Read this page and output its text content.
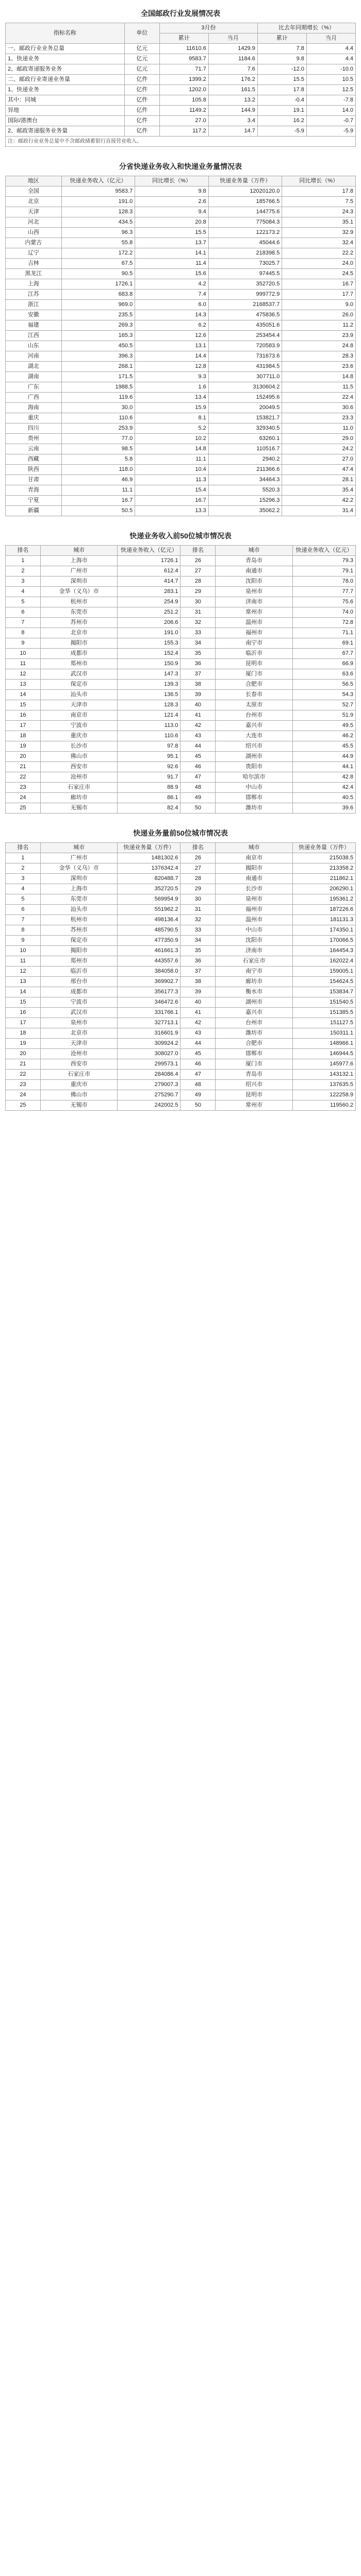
全国邮政行业发展情况表
指标名称	单位	3月份		比去年同期增长（%）	
		累计	当月	累计	当月
一、邮政行业业务总量	亿元	11610.6	1429.9	7.8	4.4
1、快递业务	亿元	9583.7	1184.6	9.8	4.4
2、邮政寄递服务业务	亿元	71.7	7.6	-12.0	-10.0
二、邮政行业寄递业务量	亿件	1399.2	176.2	15.5	10.5
1、快递业务	亿件	1202.0	161.5	17.8	12.5
其中：同城	亿件	105.8	13.2	-0.4	-7.8
异地	亿件	1149.2	144.9	19.1	14.0
国际/港澳台	亿件	27.0	3.4	16.2	-0.7
2、邮政寄递服务业务量	亿件	117.2	14.7	-5.9	-5.9
注：邮政行业业务总量中不含邮政储蓄银行直接营业收入。					
分省快递业务收入和快递业务量情况表
地区	快递业务收入（亿元）	同比增长（%）	快递业务量（万件）	同比增长（%）
全国	9583.7	9.8	12020120.0	17.8
北京	191.0	2.6	185766.5	7.5
天津	128.3	9.4	144775.6	24.3
河北	434.5	20.8	775084.3	35.1
山西	96.3	15.5	122173.2	32.9
内蒙古	55.8	13.7	45044.6	32.4
辽宁	172.2	14.1	218398.5	22.2
吉林	67.5	11.4	73025.7	24.0
黑龙江	90.5	15.6	97445.5	24.5
上海	1726.1	4.2	352720.5	16.7
江苏	683.8	7.4	999772.9	17.7
浙江	969.0	6.0	2168537.7	9.0
安徽	235.5	14.3	475836.5	26.0
福建	269.3	6.2	435051.6	11.2
江西	165.3	12.6	253454.4	23.9
山东	450.5	13.1	720583.9	24.8
河南	396.3	14.4	731673.6	28.3
湖北	268.1	12.8	431984.5	23.6
湖南	171.5	9.3	307711.0	14.8
广东	1988.5	1.6	3130604.2	11.5
广西	119.6	13.4	152495.6	22.4
海南	30.0	15.9	20049.5	30.6
重庆	110.6	8.1	153821.7	23.3
四川	253.9	5.2	329340.5	11.0
贵州	77.0	10.2	63260.1	29.0
云南	98.5	14.8	110516.7	24.2
西藏	5.8	11.1	2940.2	27.0
陕西	118.0	10.4	211366.6	47.4
甘肃	46.9	11.3	34464.3	28.1
青海	11.1	15.4	5520.3	35.4
宁夏	16.7	16.7	15296.3	42.2
新疆	50.5	13.3	35062.2	31.4
快递业务收入前50位城市情况表
排名	城市	快递业务收入（亿元）	排名	城市	快递业务收入（亿元）
1	上海市	1726.1	26	青岛市	79.3
2	广州市	612.4	27	南通市	79.1
3	深圳市	414.7	28	沈阳市	78.0
4	金华（义乌）市	283.1	29	泉州市	77.7
5	杭州市	254.9	30	济南市	75.6
6	东莞市	251.2	31	常州市	74.0
7	苏州市	206.6	32	温州市	72.8
8	北京市	191.0	33	福州市	71.1
9	揭阳市	155.3	34	南宁市	69.1
10	成都市	152.4	35	临沂市	67.7
11	郑州市	150.9	36	昆明市	66.9
12	武汉市	147.3	37	厦门市	63.6
13	保定市	139.3	38	合肥市	56.5
14	汕头市	136.5	39	长春市	54.3
15	天津市	128.3	40	太原市	52.7
16	南京市	121.4	41	台州市	51.9
17	宁波市	113.0	42	嘉兴市	49.5
18	重庆市	110.6	43	大连市	46.2
19	长沙市	97.8	44	绍兴市	45.5
20	佛山市	95.1	45	湖州市	44.9
21	西安市	92.6	46	贵阳市	44.1
22	沧州市	91.7	47	哈尔滨市	42.8
23	石家庄市	88.9	48	中山市	42.4
24	廊坊市	86.1	49	邯郸市	40.5
25	无锡市	82.4	50	潍坊市	39.6
快递业务量前50位城市情况表
排名	城市	快递业务量（万件）	排名	城市	快递业务量（万件）
1	广州市	1481302.6	26	南京市	215038.5
2	金华（义乌）市	1376342.4	27	揭阳市	213358.2
3	深圳市	820488.7	28	南通市	211862.1
4	上海市	352720.5	29	长沙市	206290.1
5	东莞市	569954.9	30	泉州市	195361.2
6	汕头市	551962.2	31	福州市	187226.6
7	杭州市	498136.4	32	温州市	181131.3
8	苏州市	485790.5	33	中山市	174350.1
9	保定市	477350.9	34	沈阳市	170066.5
10	揭阳市	461661.3	35	济南市	164454.3
11	郑州市	443557.6	36	石家庄市	162022.4
12	临沂市	384058.0	37	南宁市	159005.1
13	邢台市	369902.7	38	廊坊市	154624.5
14	成都市	356177.3	39	衡水市	153834.7
15	宁波市	346472.6	40	湖州市	151540.5
16	武汉市	331766.1	41	嘉兴市	151385.5
17	泉州市	327713.1	42	台州市	151127.5
18	北京市	316601.9	43	潍坊市	150311.1
19	天津市	309924.2	44	合肥市	148966.1
20	沧州市	308027.0	45	邯郸市	146944.5
21	西安市	299573.1	46	厦门市	145977.6
22	石家庄市	284086.4	47	青岛市	143132.1
23	重庆市	279007.3	48	绍兴市	137635.5
24	佛山市	275290.7	49	昆明市	122258.9
25	无锡市	242002.5	50	常州市	119560.2
